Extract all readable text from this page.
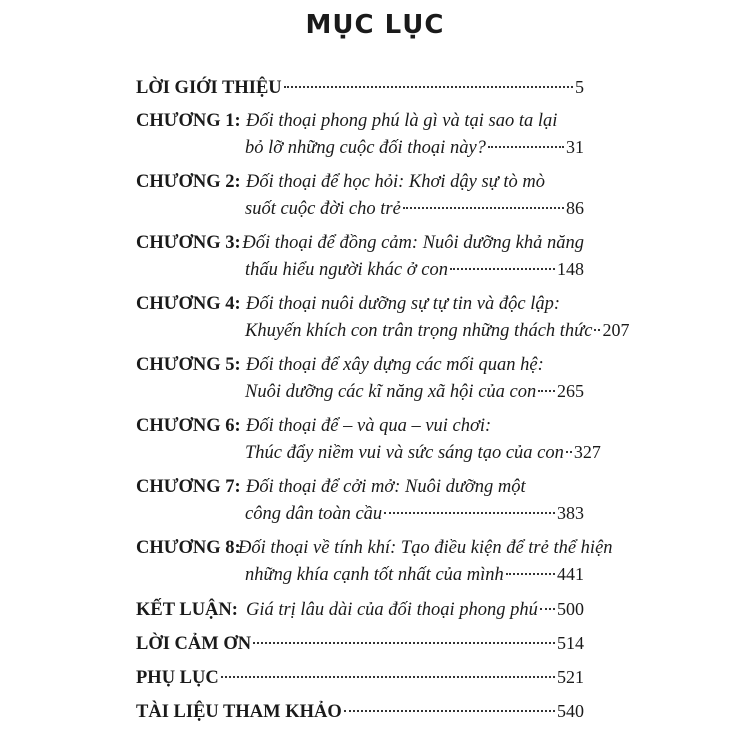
MỤC LỤC
LỜI GIỚI THIỆU	5
CHƯƠNG 1: Đối thoại phong phú là gì và tại sao ta lại
bỏ lỡ những cuộc đối thoại này?	31
CHƯƠNG 2: Đối thoại để học hỏi: Khơi dậy sự tò mò
suốt cuộc đời cho trẻ	86
CHƯƠNG 3: Đối thoại để đồng cảm: Nuôi dưỡng khả năng
thấu hiểu người khác ở con	148
CHƯƠNG 4: Đối thoại nuôi dưỡng sự tự tin và độc lập:
Khuyến khích con trân trọng những thách thức 207
CHƯƠNG 5: Đối thoại để xây dựng các mối quan hệ:
Nuôi dưỡng các kĩ năng xã hội của con 265
CHƯƠNG 6: Đối thoại để – và qua – vui chơi:
Thúc đẩy niềm vui và sức sáng tạo của con 327
CHƯƠNG 7: Đối thoại để cởi mở: Nuôi dưỡng một
công dân toàn cầu	383
CHƯƠNG 8:
Đối thoại về tính khí: Tạo điều kiện để trẻ thể hiện
những khía cạnh tốt nhất của mình	441
KẾT LUẬN: Giá trị lâu dài của đối thoại phong phú 500
LỜI CẢM ƠN	514
PHỤ LỤC	521
TÀI LIỆU THAM KHẢO	540
